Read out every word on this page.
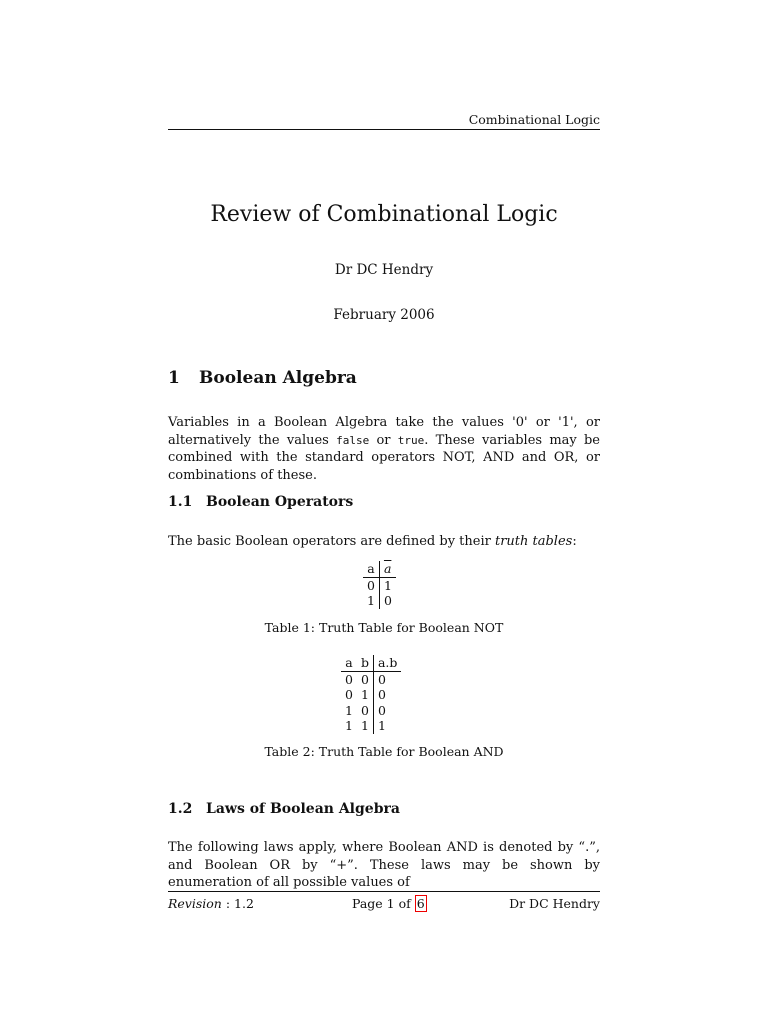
Combinational Logic
Review of Combinational Logic
Dr DC Hendry
February 2006
1 Boolean Algebra
Variables in a Boolean Algebra take the values '0' or '1', or alternatively the values false or true. These variables may be combined with the standard operators NOT, AND and OR, or combinations of these.
1.1 Boolean Operators
The basic Boolean operators are defined by their truth tables:
a	$\overline{a}$
0	1
1	0
Table 1: Truth Table for Boolean NOT
a	b	a.b
0	0	0
0	1	0
1	0	0
1	1	1
Table 2: Truth Table for Boolean AND
1.2 Laws of Boolean Algebra
The following laws apply, where Boolean AND is denoted by “.”, and Boolean OR by “+”. These laws may be shown by enumeration of all possible values of
Revision : 1.2	Page 1 of 6	Dr DC Hendry
